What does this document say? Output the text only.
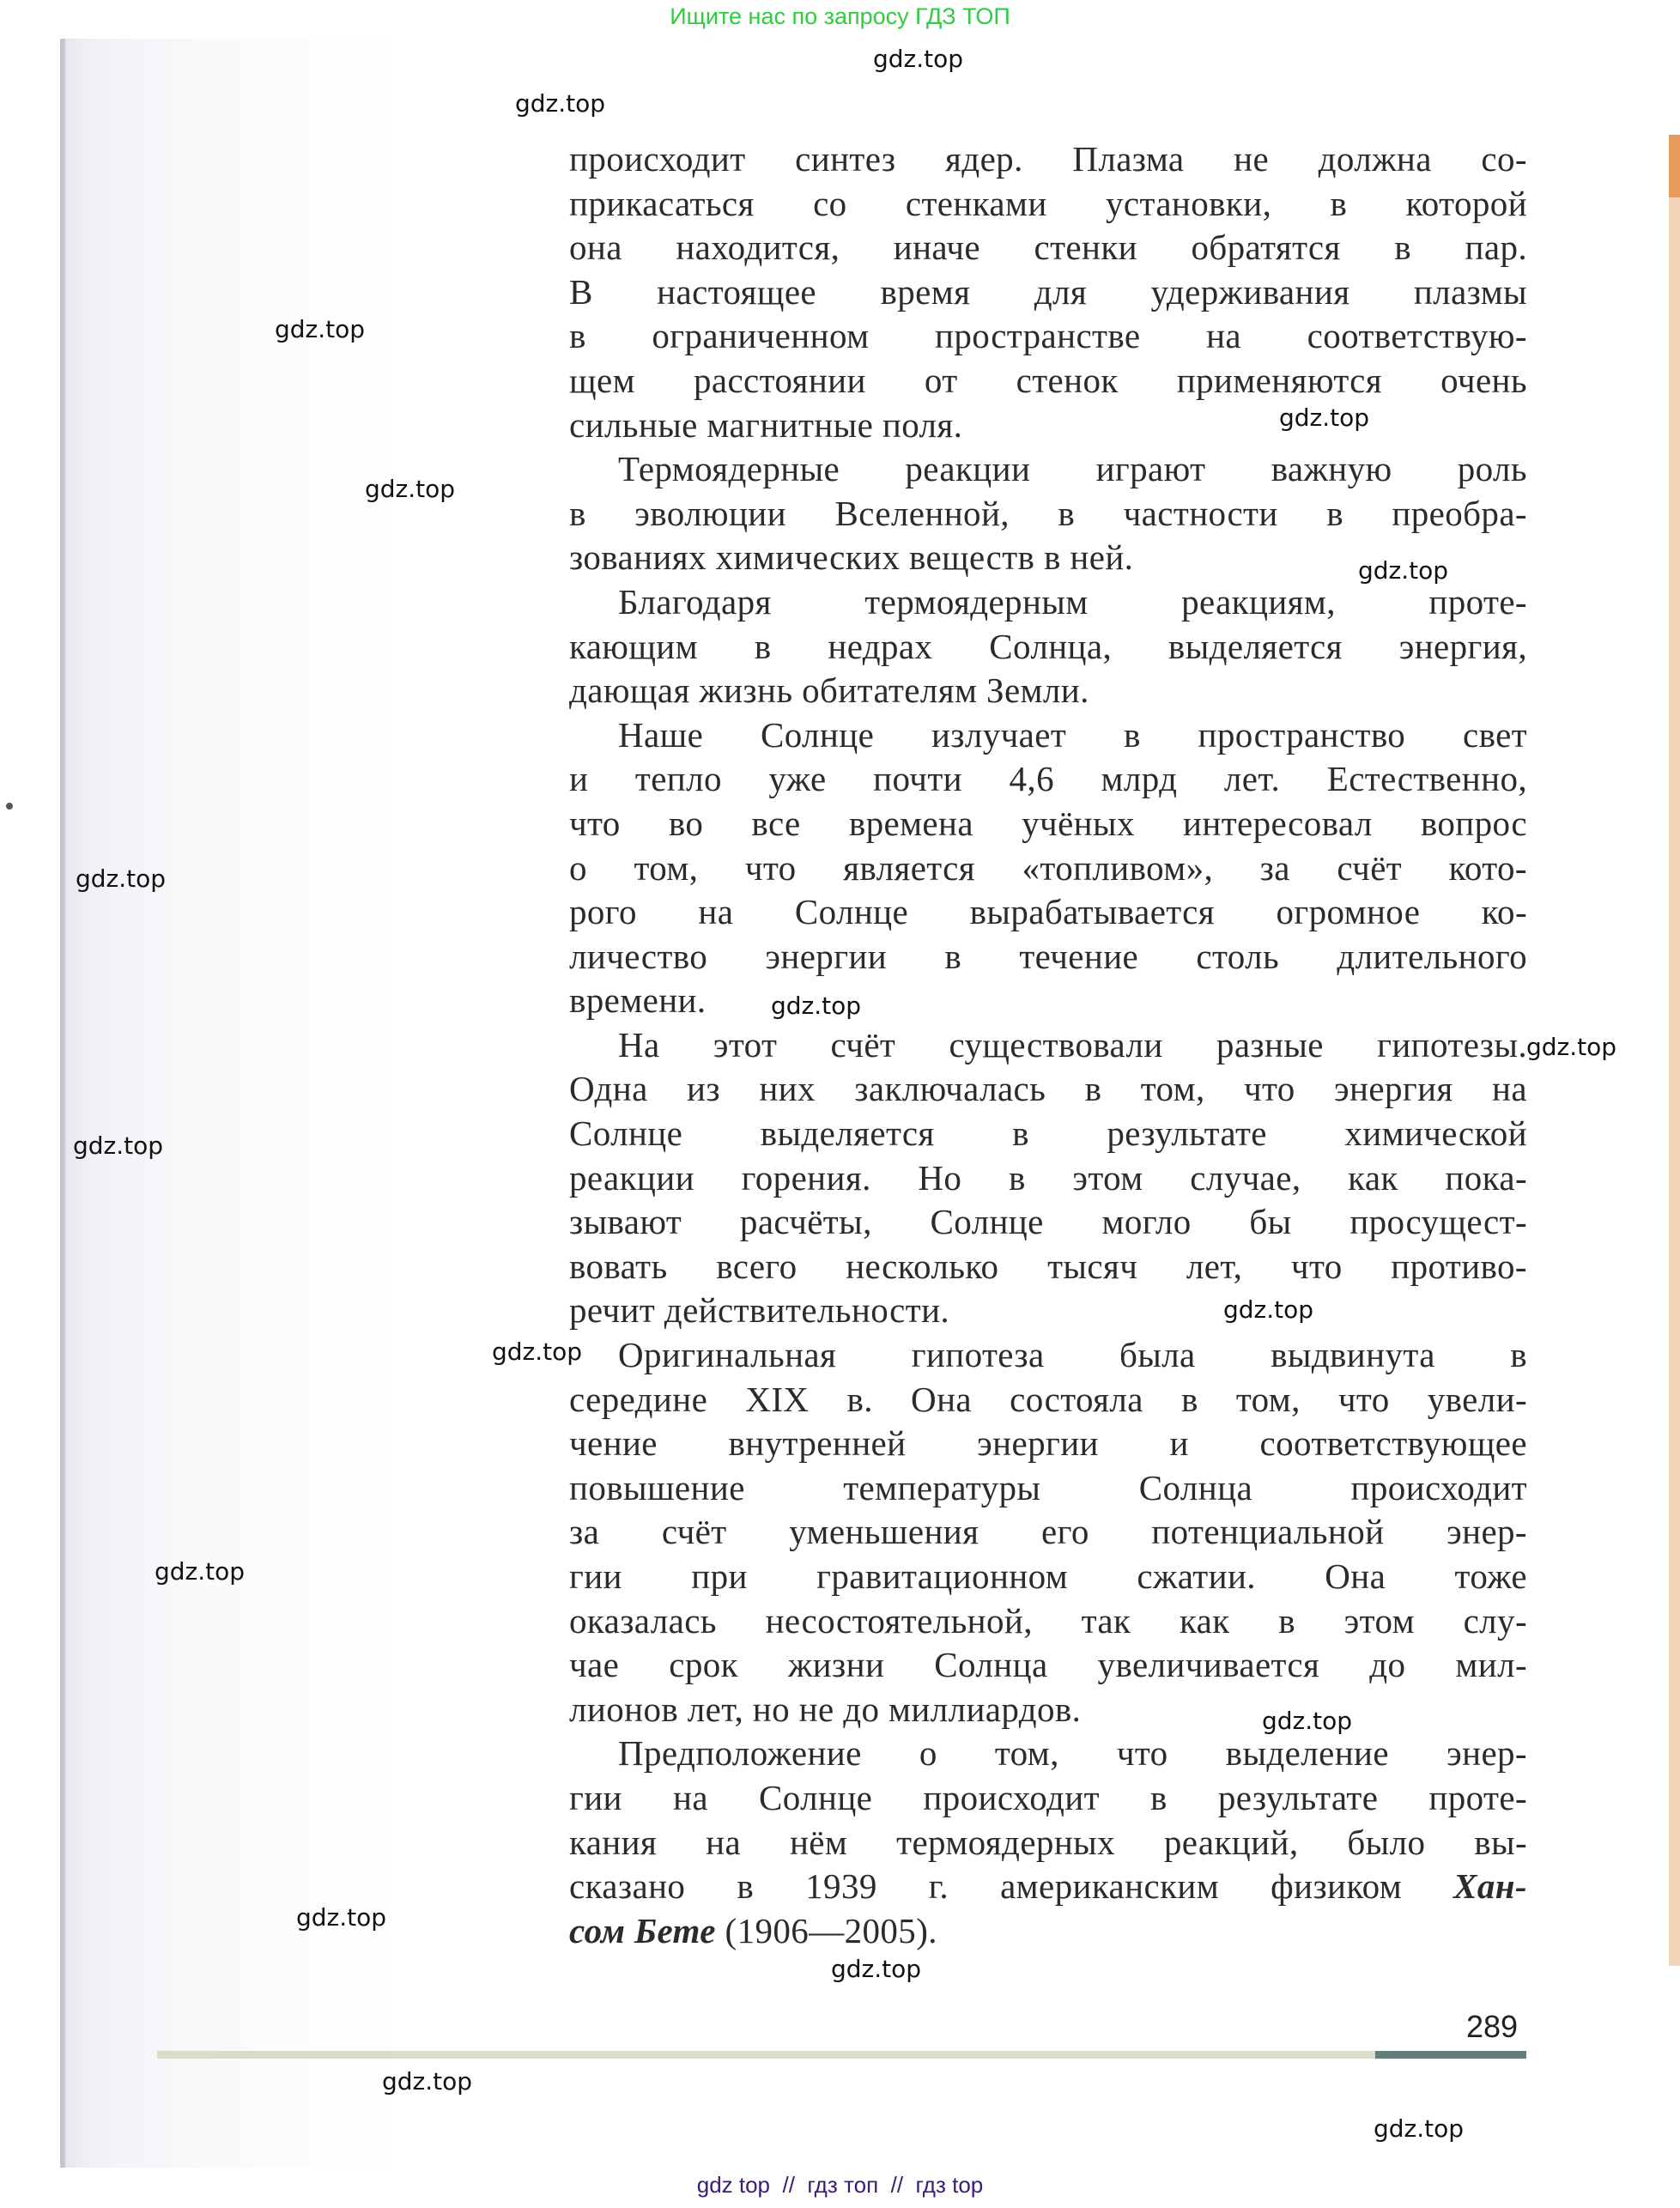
Ищите нас по запросу ГДЗ ТОП
происходит синтез ядер. Плазма не должна со-
прикасаться со стенками установки, в которой
она находится, иначе стенки обратятся в пар.
В настоящее время для удерживания плазмы
в ограниченном пространстве на соответствую-
щем расстоянии от стенок применяются очень
сильные магнитные поля.
Термоядерные реакции играют важную роль
в эволюции Вселенной, в частности в преобра-
зованиях химических веществ в ней.
Благодаря термоядерным реакциям, проте-
кающим в недрах Солнца, выделяется энергия,
дающая жизнь обитателям Земли.
Наше Солнце излучает в пространство свет
и тепло уже почти 4,6 млрд лет. Естественно,
что во все времена учёных интересовал вопрос
о том, что является «топливом», за счёт кото-
рого на Солнце вырабатывается огромное ко-
личество энергии в течение столь длительного
времени.
На этот счёт существовали разные гипотезы.
Одна из них заключалась в том, что энергия на
Солнце выделяется в результате химической
реакции горения. Но в этом случае, как пока-
зывают расчёты, Солнце могло бы просущест-
вовать всего несколько тысяч лет, что противо-
речит действительности.
Оригинальная гипотеза была выдвинута в
середине XIX в. Она состояла в том, что увели-
чение внутренней энергии и соответствующее
повышение температуры Солнца происходит
за счёт уменьшения его потенциальной энер-
гии при гравитационном сжатии. Она тоже
оказалась несостоятельной, так как в этом слу-
чае срок жизни Солнца увеличивается до мил-
лионов лет, но не до миллиардов.
Предположение о том, что выделение энер-
гии на Солнце происходит в результате проте-
кания на нём термоядерных реакций, было вы-
сказано в 1939 г. американским физиком Хан-
сом Бете (1906—2005).
289
gdz.top
gdz.top
gdz.top
gdz.top
gdz.top
gdz.top
gdz.top
gdz.top
gdz.top
gdz.top
gdz.top
gdz.top
gdz.top
gdz.top
gdz.top
gdz.top
gdz.top
gdz.top
gdz top  //  гдз топ  //  гдз top
